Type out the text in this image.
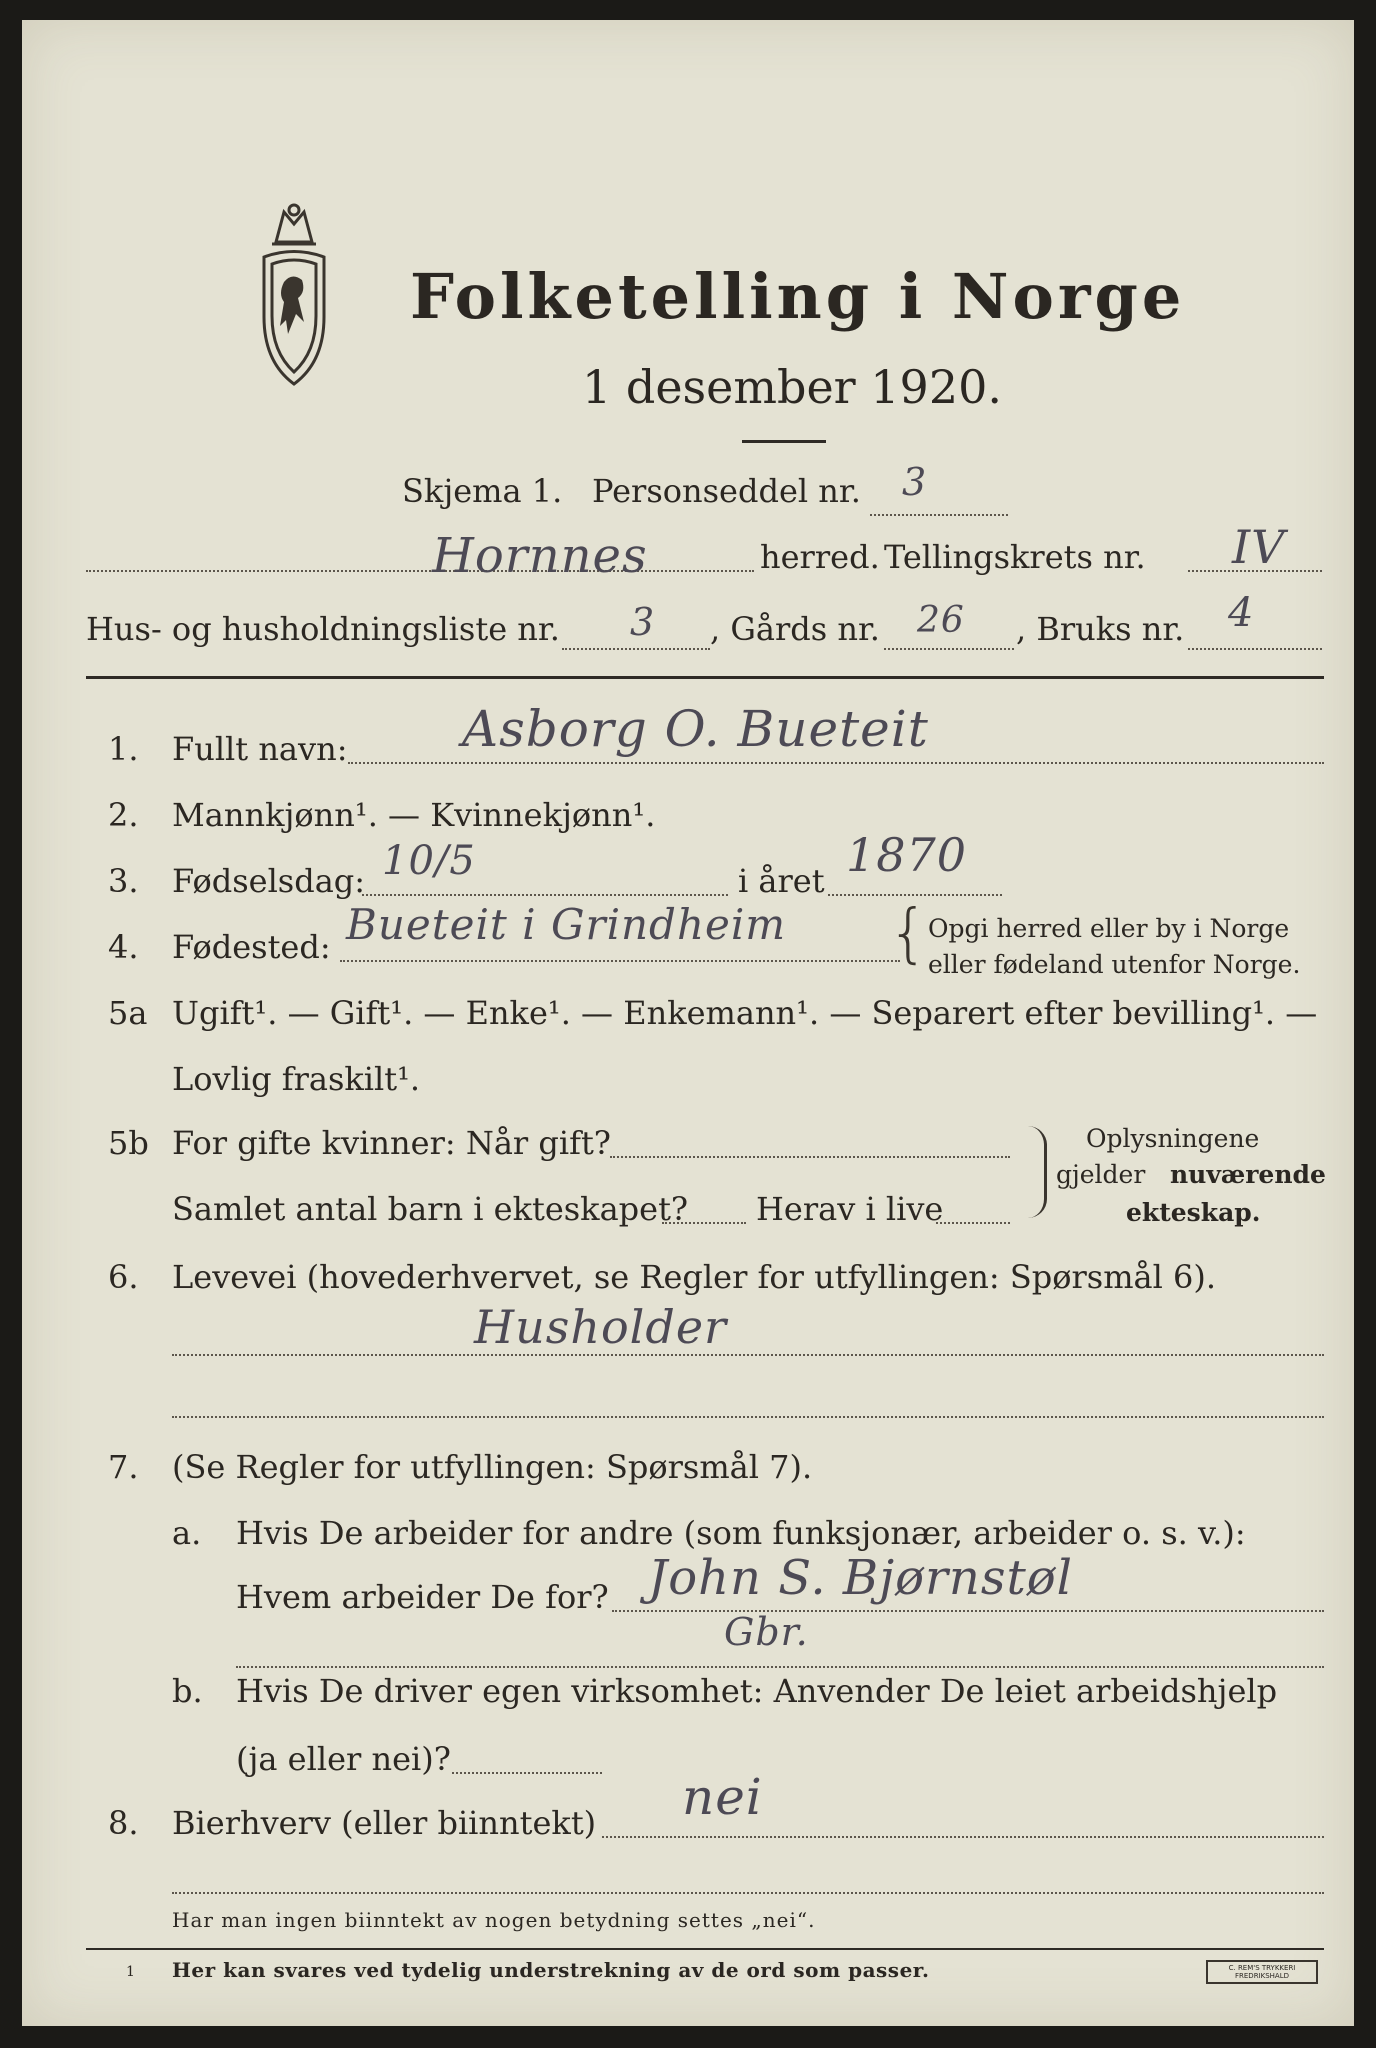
Folketelling i Norge
1 desember 1920.
Skjema 1. Personseddel nr. 3
Hornnes	herred. Tellingskrets nr. IV
Hus- og husholdningsliste nr. 3 , Gårds nr. 26 , Bruks nr. 4
1. Fullt navn: Asborg O. Bueteit
2. Mannkjønn¹. — Kvinnekjønn¹.
3. Fødselsdag: 10/5	i året 1870
4. Fødested: Bueteit i Grindheim { Opgi herred eller by i Norge
eller fødeland utenfor Norge.
5a Ugift¹. — Gift¹. — Enke¹. — Enkemann¹. — Separert efter bevilling¹. —
Lovlig fraskilt¹.
5b For gifte kvinner: Når gift?
Samlet antal barn i ekteskapet? Herav i live
Oplysningene
gjelder nuværende
ekteskap.
6. Levevei (hovederhvervet, se Regler for utfyllingen: Spørsmål 6).
Husholder
7. (Se Regler for utfyllingen: Spørsmål 7).
a. Hvis De arbeider for andre (som funksjonær, arbeider o. s. v.):
Hvem arbeider De for? John S. Bjørnstøl
Gbr.
b. Hvis De driver egen virksomhet: Anvender De leiet arbeidshjelp
(ja eller nei)?
8. Bierhverv (eller biinntekt) nei
Har man ingen biinntekt av nogen betydning settes „nei“.
1 Her kan svares ved tydelig understrekning av de ord som passer.	C. REM'S TRYKKERI
FREDRIKSHALD
